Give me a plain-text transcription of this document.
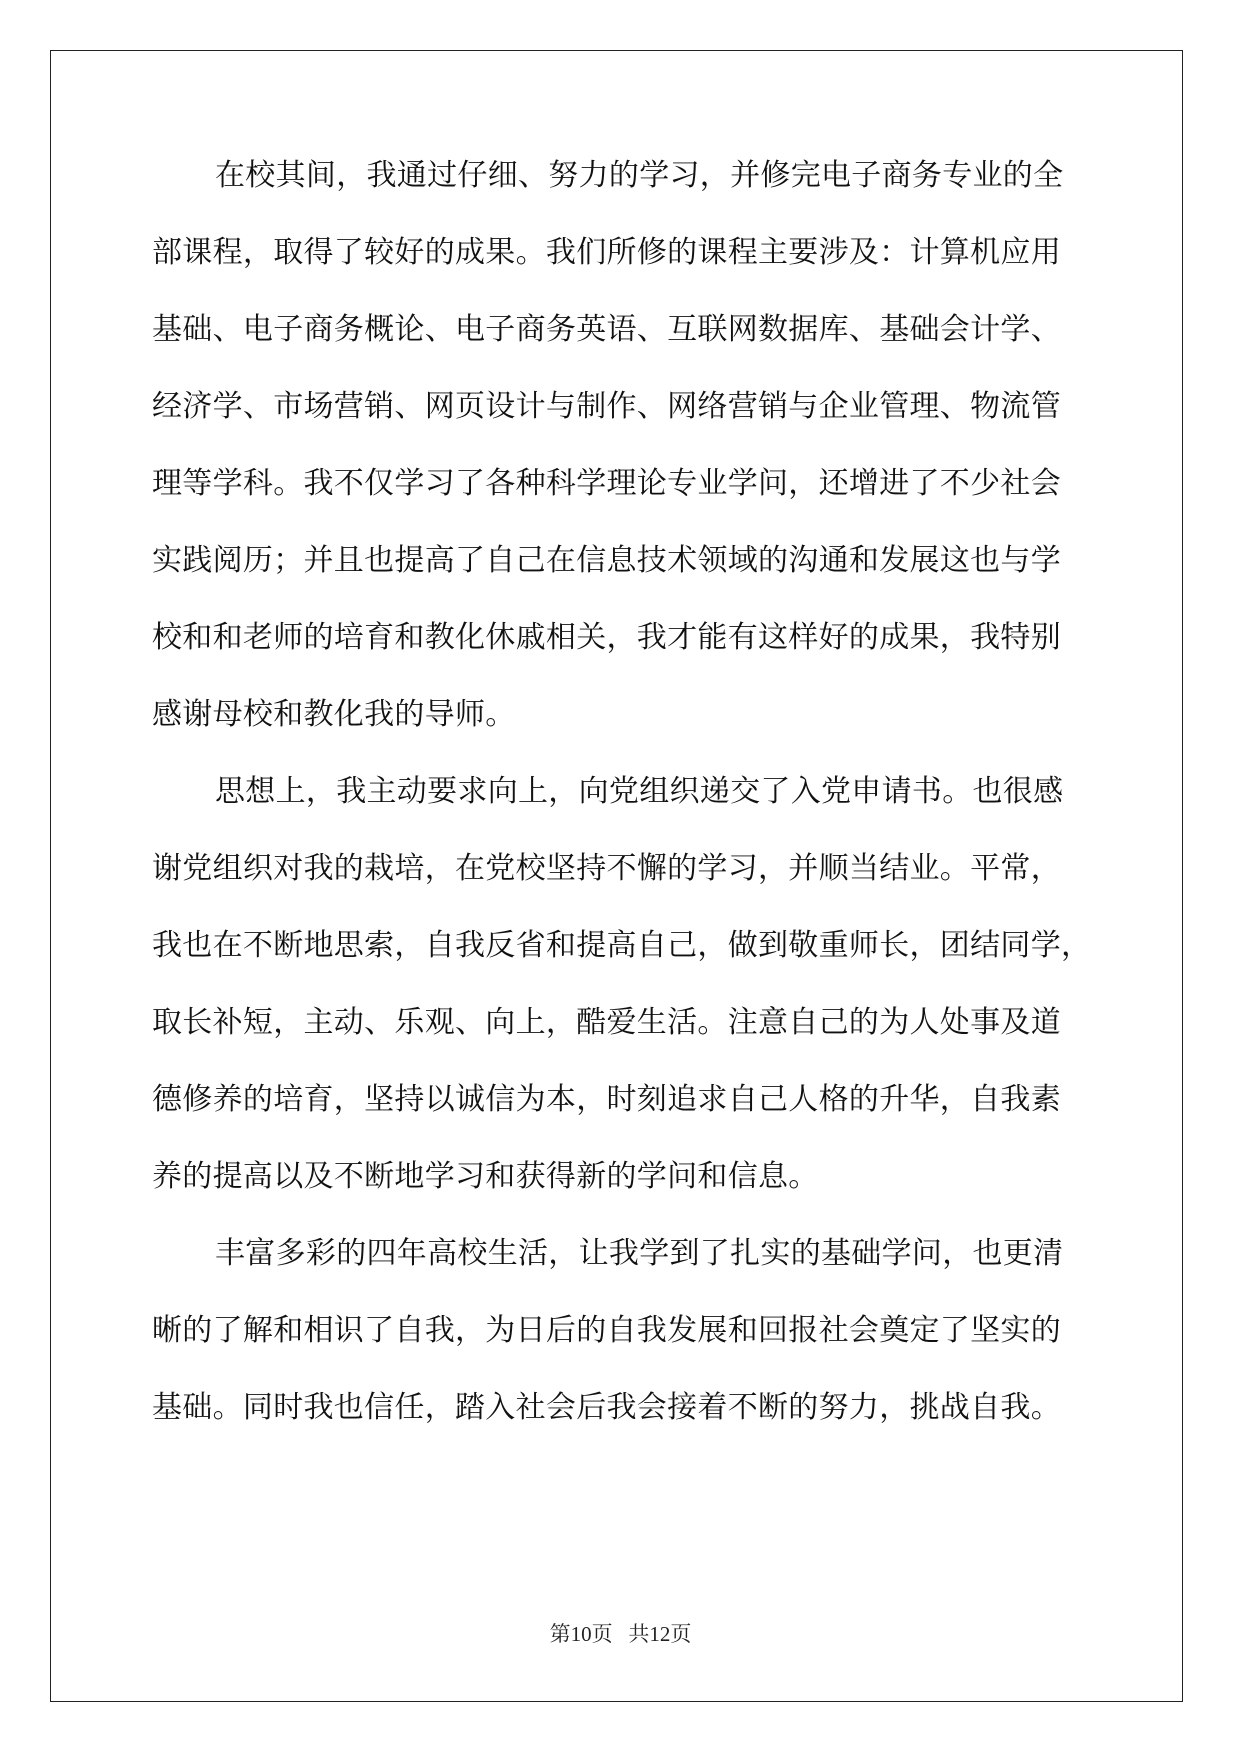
在校其间，我通过仔细、努力的学习，并修完电子商务专业的全
部课程，取得了较好的成果。我们所修的课程主要涉及：计算机应用
基础、电子商务概论、电子商务英语、互联网数据库、基础会计学、
经济学、市场营销、网页设计与制作、网络营销与企业管理、物流管
理等学科。我不仅学习了各种科学理论专业学问，还增进了不少社会
实践阅历；并且也提高了自己在信息技术领域的沟通和发展这也与学
校和和老师的培育和教化休戚相关，我才能有这样好的成果，我特别
感谢母校和教化我的导师。
思想上，我主动要求向上，向党组织递交了入党申请书。也很感
谢党组织对我的栽培，在党校坚持不懈的学习，并顺当结业。平常，
我也在不断地思索，自我反省和提高自己，做到敬重师长，团结同学，
取长补短，主动、乐观、向上，酷爱生活。注意自己的为人处事及道
德修养的培育，坚持以诚信为本，时刻追求自己人格的升华，自我素
养的提高以及不断地学习和获得新的学问和信息。
丰富多彩的四年高校生活，让我学到了扎实的基础学问，也更清
晰的了解和相识了自我，为日后的自我发展和回报社会奠定了坚实的
基础。同时我也信任，踏入社会后我会接着不断的努力，挑战自我。
第10页   共12页
